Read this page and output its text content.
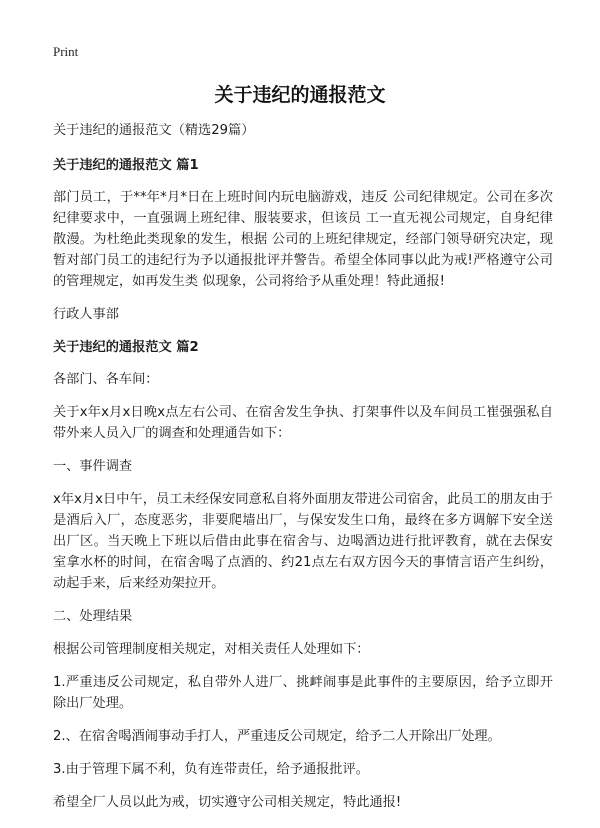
Print
关于违纪的通报范文

关于违纪的通报范文（精选29篇）

关于违纪的通报范文 篇1

部门员工，于**年*月*日在上班时间内玩电脑游戏，违反 公司纪律规定。公司在多次纪律要求中，一直强调上班纪律、服装要求，但该员 工一直无视公司规定，自身纪律散漫。为杜绝此类现象的发生，根据 公司的上班纪律规定，经部门领导研究决定，现暂对部门员工的违纪行为予以通报批评并警告。希望全体同事以此为戒!严格遵守公司的管理规定，如再发生类 似现象，公司将给予从重处理！特此通报!

行政人事部

关于违纪的通报范文 篇2

各部门、各车间：

关于x年x月x日晚x点左右公司、在宿舍发生争执、打架事件以及车间员工崔强强私自带外来人员入厂的调查和处理通告如下：

一、事件调查

x年x月x日中午，员工未经保安同意私自将外面朋友带进公司宿舍，此员工的朋友由于是酒后入厂，态度恶劣，非要爬墙出厂，与保安发生口角，最终在多方调解下安全送出厂区。当天晚上下班以后借由此事在宿舍与、边喝酒边进行批评教育，就在去保安室拿水杯的时间，在宿舍喝了点酒的、约21点左右双方因今天的事情言语产生纠纷，动起手来，后来经劝架拉开。

二、处理结果

根据公司管理制度相关规定，对相关责任人处理如下：

1.严重违反公司规定，私自带外人进厂、挑衅闹事是此事件的主要原因，给予立即开除出厂处理。

2.、在宿舍喝酒闹事动手打人，严重违反公司规定，给予二人开除出厂处理。

3.由于管理下属不利，负有连带责任，给予通报批评。

希望全厂人员以此为戒，切实遵守公司相关规定，特此通报!
